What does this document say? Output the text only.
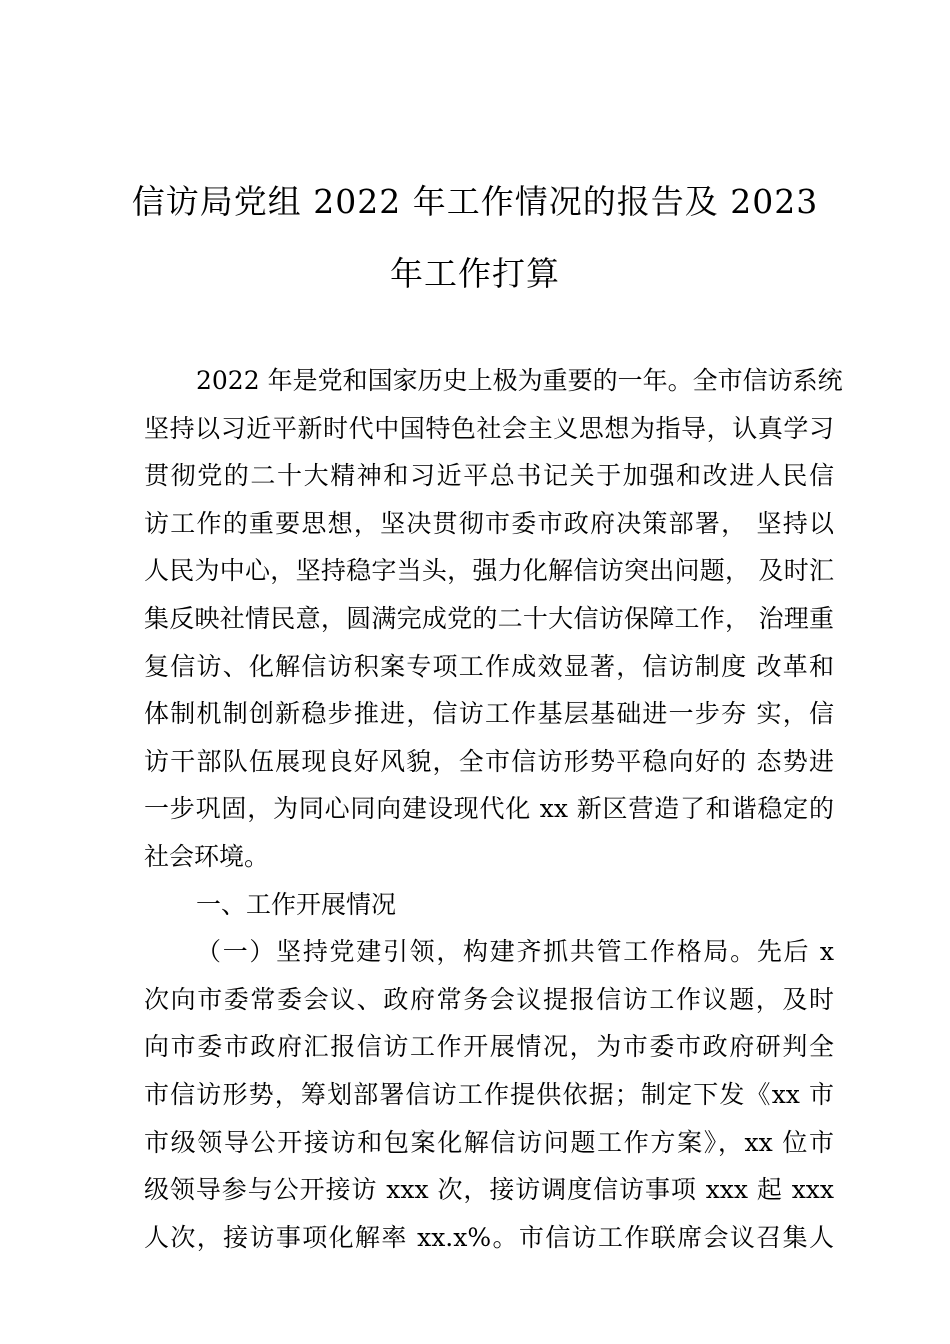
信访局党组 2022 年工作情况的报告及 2023
年工作打算
2022 年是党和国家历史上极为重要的一年。全市信访系统
坚持以习近平新时代中国特色社会主义思想为指导，认真学习
贯彻党的二十大精神和习近平总书记关于加强和改进人民信
访工作的重要思想，坚决贯彻市委市政府决策部署， 坚持以
人民为中心，坚持稳字当头，强力化解信访突出问题， 及时汇
集反映社情民意，圆满完成党的二十大信访保障工作， 治理重
复信访、化解信访积案专项工作成效显著，信访制度 改革和
体制机制创新稳步推进，信访工作基层基础进一步夯 实，信
访干部队伍展现良好风貌，全市信访形势平稳向好的 态势进
一步巩固，为同心同向建设现代化 xx 新区营造了和谐稳定的
社会环境。
一、工作开展情况
（一）坚持党建引领，构建齐抓共管工作格局。先后 x
次向市委常委会议、政府常务会议提报信访工作议题，及时
向市委市政府汇报信访工作开展情况，为市委市政府研判全
市信访形势，筹划部署信访工作提供依据；制定下发《xx 市
市级领导公开接访和包案化解信访问题工作方案》，xx 位市
级领导参与公开接访 xxx 次，接访调度信访事项 xxx 起 xxx
人次，接访事项化解率 xx.x%。市信访工作联席会议召集人
